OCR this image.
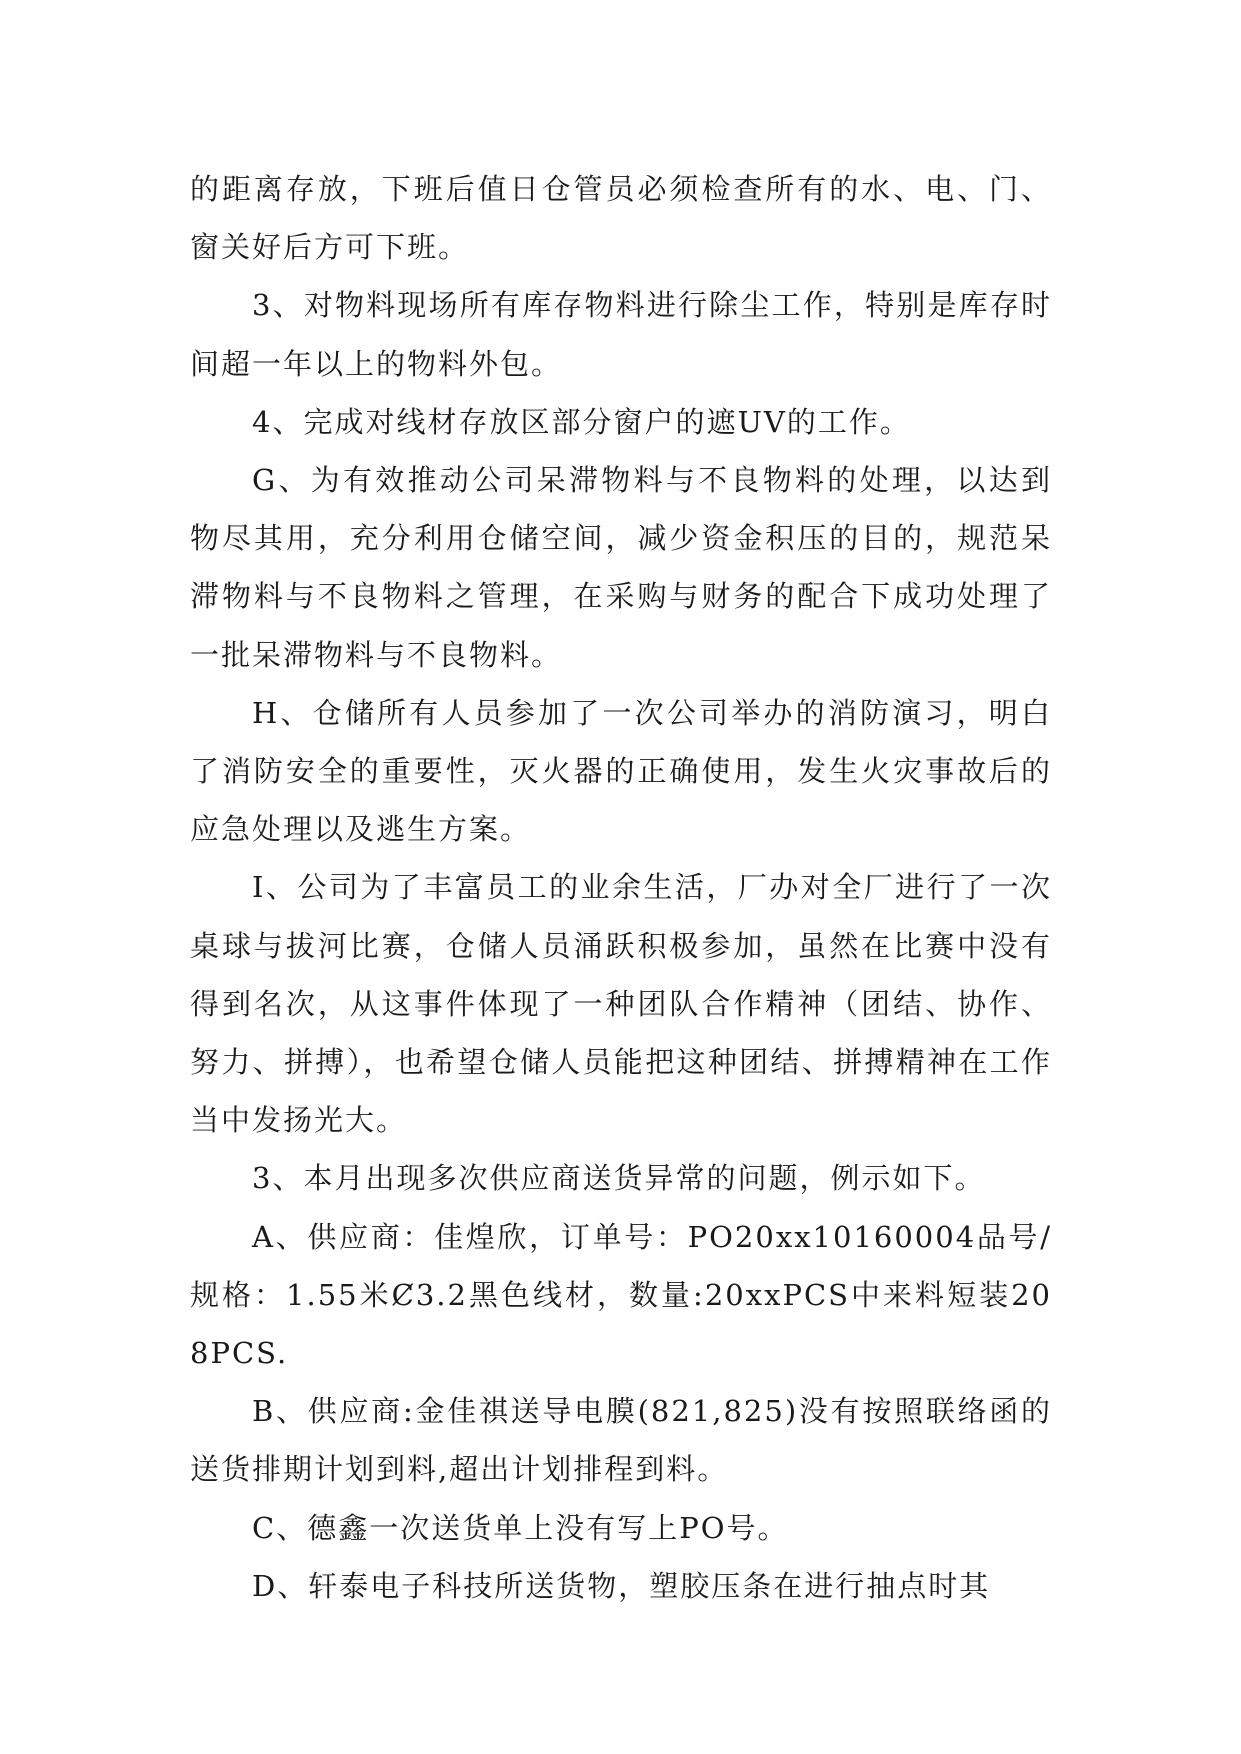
的距离存放，下班后值日仓管员必须检查所有的水、电、门、窗关好后方可下班。

3、对物料现场所有库存物料进行除尘工作，特别是库存时间超一年以上的物料外包。

4、完成对线材存放区部分窗户的遮UV的工作。

G、为有效推动公司呆滞物料与不良物料的处理，以达到物尽其用，充分利用仓储空间，减少资金积压的目的，规范呆滞物料与不良物料之管理，在采购与财务的配合下成功处理了一批呆滞物料与不良物料。

H、仓储所有人员参加了一次公司举办的消防演习，明白了消防安全的重要性，灭火器的正确使用，发生火灾事故后的应急处理以及逃生方案。

I、公司为了丰富员工的业余生活，厂办对全厂进行了一次桌球与拔河比赛，仓储人员涌跃积极参加，虽然在比赛中没有得到名次，从这事件体现了一种团队合作精神（团结、协作、努力、拼搏），也希望仓储人员能把这种团结、拼搏精神在工作当中发扬光大。

3、本月出现多次供应商送货异常的问题，例示如下。

A、供应商：佳煌欣，订单号：PO20xx10160004品号/规格：1.55米Ȼ3.2黑色线材，数量:20xxPCS中来料短装208PCS.

B、供应商:金佳祺送导电膜(821,825)没有按照联络函的送货排期计划到料,超出计划排程到料。

C、德鑫一次送货单上没有写上PO号。

D、轩泰电子科技所送货物，塑胶压条在进行抽点时其
